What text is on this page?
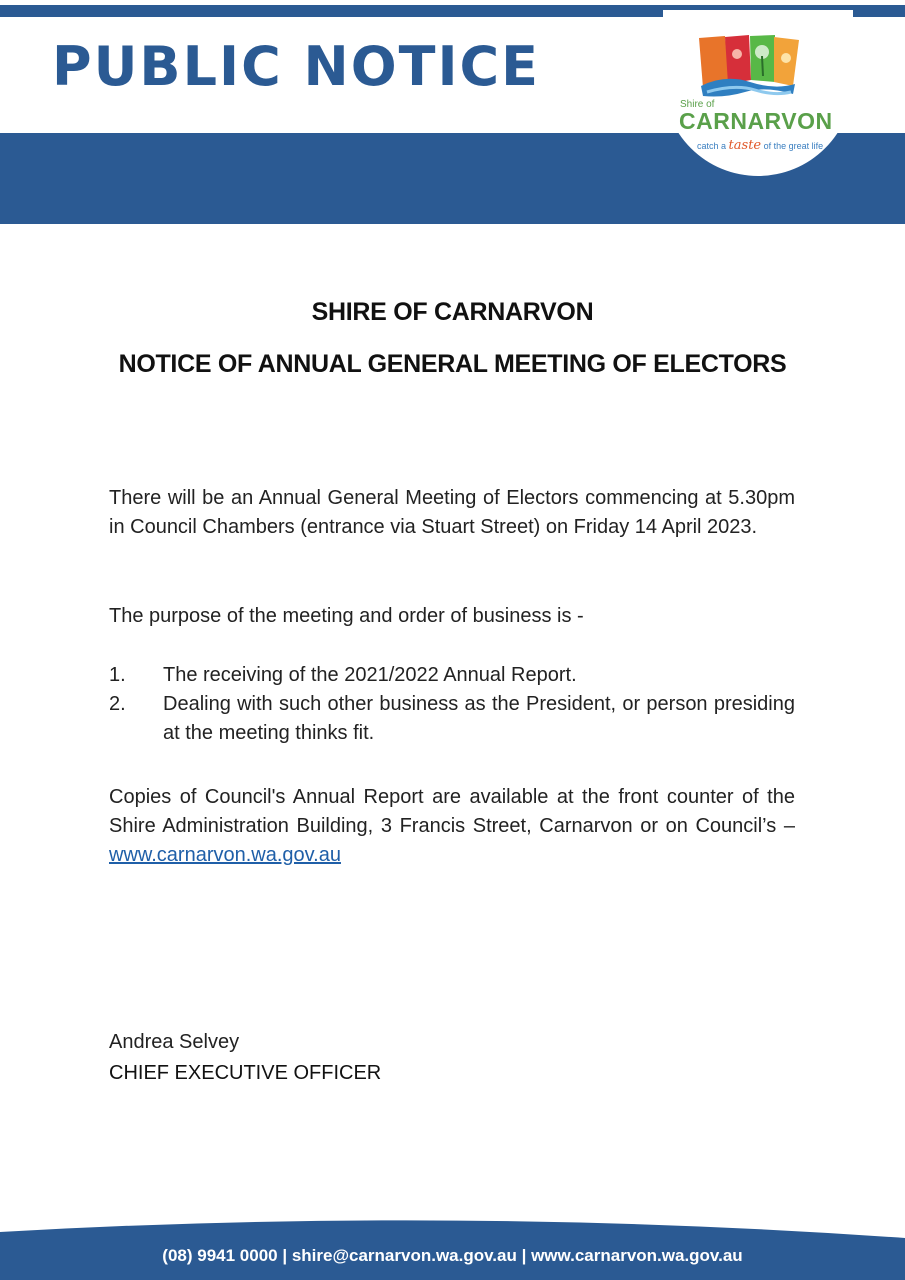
PUBLIC NOTICE
Shire of
CARNARVON
catch a taste of the great life
SHIRE OF CARNARVON
NOTICE OF ANNUAL GENERAL MEETING OF ELECTORS

There will be an Annual General Meeting of Electors commencing at 5.30pm in Council Chambers (entrance via Stuart Street) on Friday 14 April 2023.

The purpose of the meeting and order of business is -

1.	The receiving of the 2021/2022 Annual Report.
2.	Dealing with such other business as the President, or person presiding at the meeting thinks fit.

Copies of Council's Annual Report are available at the front counter of the Shire Administration Building, 3 Francis Street, Carnarvon or on Council’s – www.carnarvon.wa.gov.au

Andrea Selvey

CHIEF EXECUTIVE OFFICER

(08) 9941 0000 | shire@carnarvon.wa.gov.au | www.carnarvon.wa.gov.au
